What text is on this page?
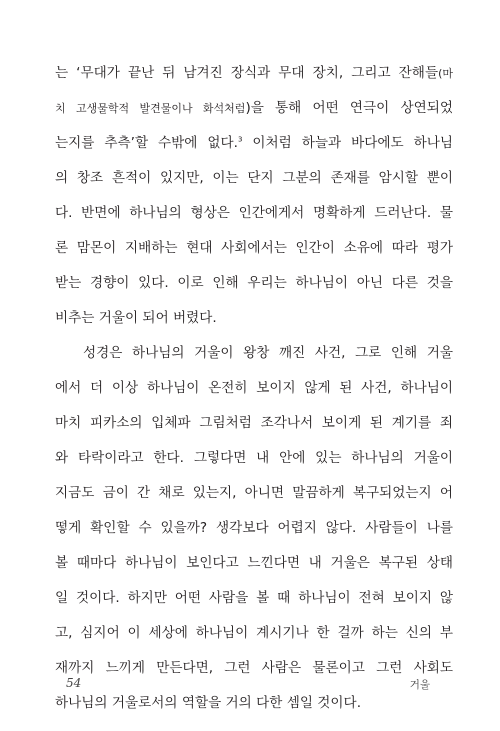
는 ‘무대가 끝난 뒤 남겨진 장식과 무대 장치, 그리고 잔해들(마
치 고생물학적 발견물이나 화석처럼)을 통해 어떤 연극이 상연되었
는지를 추측’할 수밖에 없다.$^3$ 이처럼 하늘과 바다에도 하나님
의 창조 흔적이 있지만, 이는 단지 그분의 존재를 암시할 뿐이
다. 반면에 하나님의 형상은 인간에게서 명확하게 드러난다. 물
론 맘몬이 지배하는 현대 사회에서는 인간이 소유에 따라 평가
받는 경향이 있다. 이로 인해 우리는 하나님이 아닌 다른 것을
비추는 거울이 되어 버렸다.
성경은 하나님의 거울이 왕창 깨진 사건, 그로 인해 거울
에서 더 이상 하나님이 온전히 보이지 않게 된 사건, 하나님이
마치 피카소의 입체파 그림처럼 조각나서 보이게 된 계기를 죄
와 타락이라고 한다. 그렇다면 내 안에 있는 하나님의 거울이
지금도 금이 간 채로 있는지, 아니면 말끔하게 복구되었는지 어
떻게 확인할 수 있을까? 생각보다 어렵지 않다. 사람들이 나를
볼 때마다 하나님이 보인다고 느낀다면 내 거울은 복구된 상태
일 것이다. 하지만 어떤 사람을 볼 때 하나님이 전혀 보이지 않
고, 심지어 이 세상에 하나님이 계시기나 한 걸까 하는 신의 부
재까지 느끼게 만든다면, 그런 사람은 물론이고 그런 사회도
하나님의 거울로서의 역할을 거의 다한 셈일 것이다.
54	거울
